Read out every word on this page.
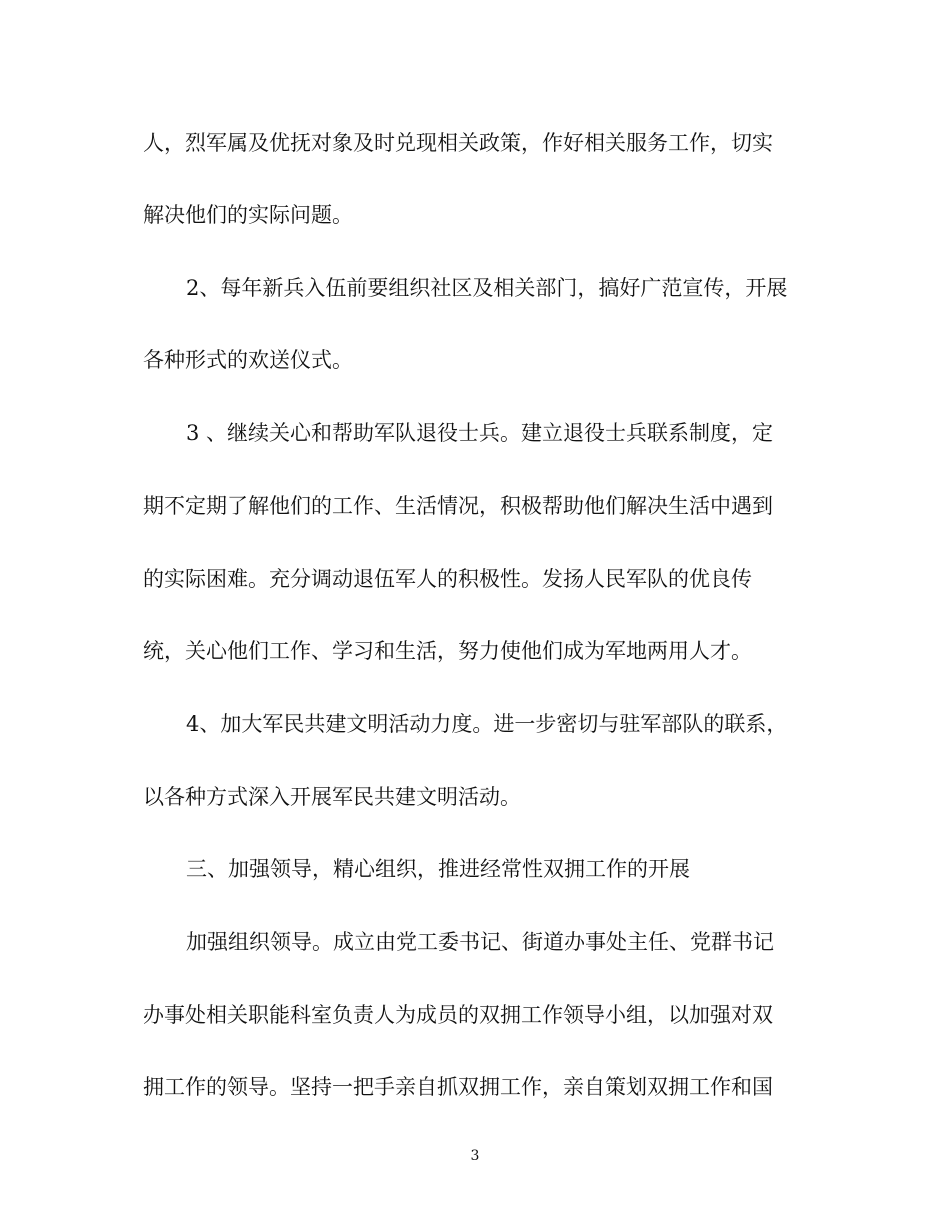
人，烈军属及优抚对象及时兑现相关政策，作好相关服务工作，切实
解决他们的实际问题。
2、每年新兵入伍前要组织社区及相关部门，搞好广范宣传，开展
各种形式的欢送仪式。
3 、继续关心和帮助军队退役士兵。建立退役士兵联系制度，定
期不定期了解他们的工作、生活情况，积极帮助他们解决生活中遇到
的实际困难。充分调动退伍军人的积极性。发扬人民军队的优良传
统，关心他们工作、学习和生活，努力使他们成为军地两用人才。
4、加大军民共建文明活动力度。进一步密切与驻军部队的联系，
以各种方式深入开展军民共建文明活动。
三、加强领导，精心组织，推进经常性双拥工作的开展
加强组织领导。成立由党工委书记、街道办事处主任、党群书记
办事处相关职能科室负责人为成员的双拥工作领导小组，以加强对双
拥工作的领导。坚持一把手亲自抓双拥工作，亲自策划双拥工作和国
3
